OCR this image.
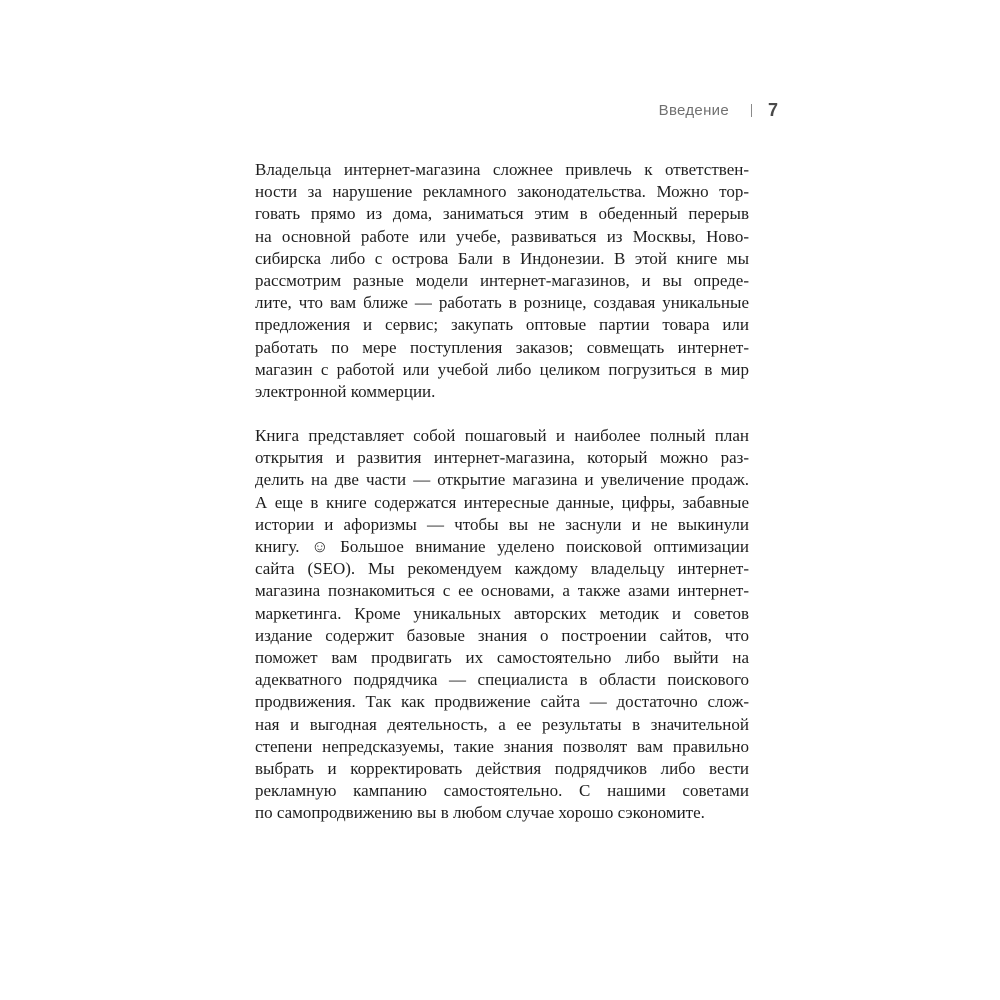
Введение 7

Владельца интернет-магазина сложнее привлечь к ответствен-
ности за нарушение рекламного законодательства. Можно тор-
говать прямо из дома, заниматься этим в обеденный перерыв
на основной работе или учебе, развиваться из Москвы, Ново-
сибирска либо с острова Бали в Индонезии. В этой книге мы
рассмотрим разные модели интернет-магазинов, и вы опреде-
лите, что вам ближе — работать в рознице, создавая уникальные
предложения и сервис; закупать оптовые партии товара или
работать по мере поступления заказов; совмещать интернет-
магазин с работой или учебой либо целиком погрузиться в мир
электронной коммерции.

Книга представляет собой пошаговый и наиболее полный план
открытия и развития интернет-магазина, который можно раз-
делить на две части — открытие магазина и увеличение продаж.
А еще в книге содержатся интересные данные, цифры, забавные
истории и афоризмы — чтобы вы не заснули и не выкинули
книгу. ☺ Большое внимание уделено поисковой оптимизации
сайта (SEO). Мы рекомендуем каждому владельцу интернет-
магазина познакомиться с ее основами, а также азами интернет-
маркетинга. Кроме уникальных авторских методик и советов
издание содержит базовые знания о построении сайтов, что
поможет вам продвигать их самостоятельно либо выйти на
адекватного подрядчика — специалиста в области поискового
продвижения. Так как продвижение сайта — достаточно слож-
ная и выгодная деятельность, а ее результаты в значительной
степени непредсказуемы, такие знания позволят вам правильно
выбрать и корректировать действия подрядчиков либо вести
рекламную кампанию самостоятельно. С нашими советами
по самопродвижению вы в любом случае хорошо сэкономите.
